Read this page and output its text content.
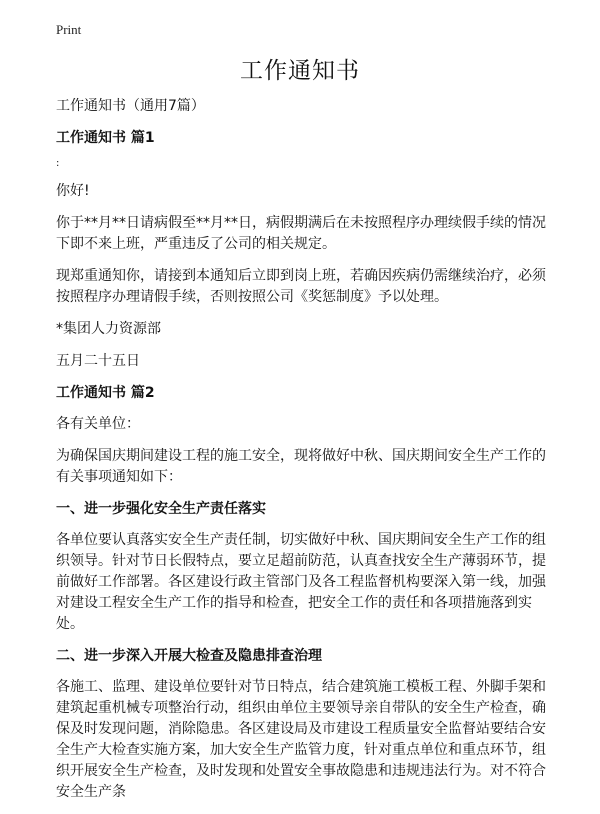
Print
工作通知书

工作通知书（通用7篇）

工作通知书 篇1

:

你好!

你于**月**日请病假至**月**日，病假期满后在未按照程序办理续假手续的情况下即不来上班，严重违反了公司的相关规定。

现郑重通知你，请接到本通知后立即到岗上班，若确因疾病仍需继续治疗，必须按照程序办理请假手续，否则按照公司《奖惩制度》予以处理。

*集团人力资源部

五月二十五日

工作通知书 篇2

各有关单位：

为确保国庆期间建设工程的施工安全，现将做好中秋、国庆期间安全生产工作的有关事项通知如下：

一、进一步强化安全生产责任落实

各单位要认真落实安全生产责任制，切实做好中秋、国庆期间安全生产工作的组织领导。针对节日长假特点，要立足超前防范，认真查找安全生产薄弱环节，提前做好工作部署。各区建设行政主管部门及各工程监督机构要深入第一线，加强对建设工程安全生产工作的指导和检查，把安全工作的责任和各项措施落到实处。

二、进一步深入开展大检查及隐患排查治理

各施工、监理、建设单位要针对节日特点，结合建筑施工模板工程、外脚手架和建筑起重机械专项整治行动，组织由单位主要领导亲自带队的安全生产检查，确保及时发现问题，消除隐患。各区建设局及市建设工程质量安全监督站要结合安全生产大检查实施方案，加大安全生产监管力度，针对重点单位和重点环节，组织开展安全生产检查，及时发现和处置安全事故隐患和违规违法行为。对不符合安全生产条
